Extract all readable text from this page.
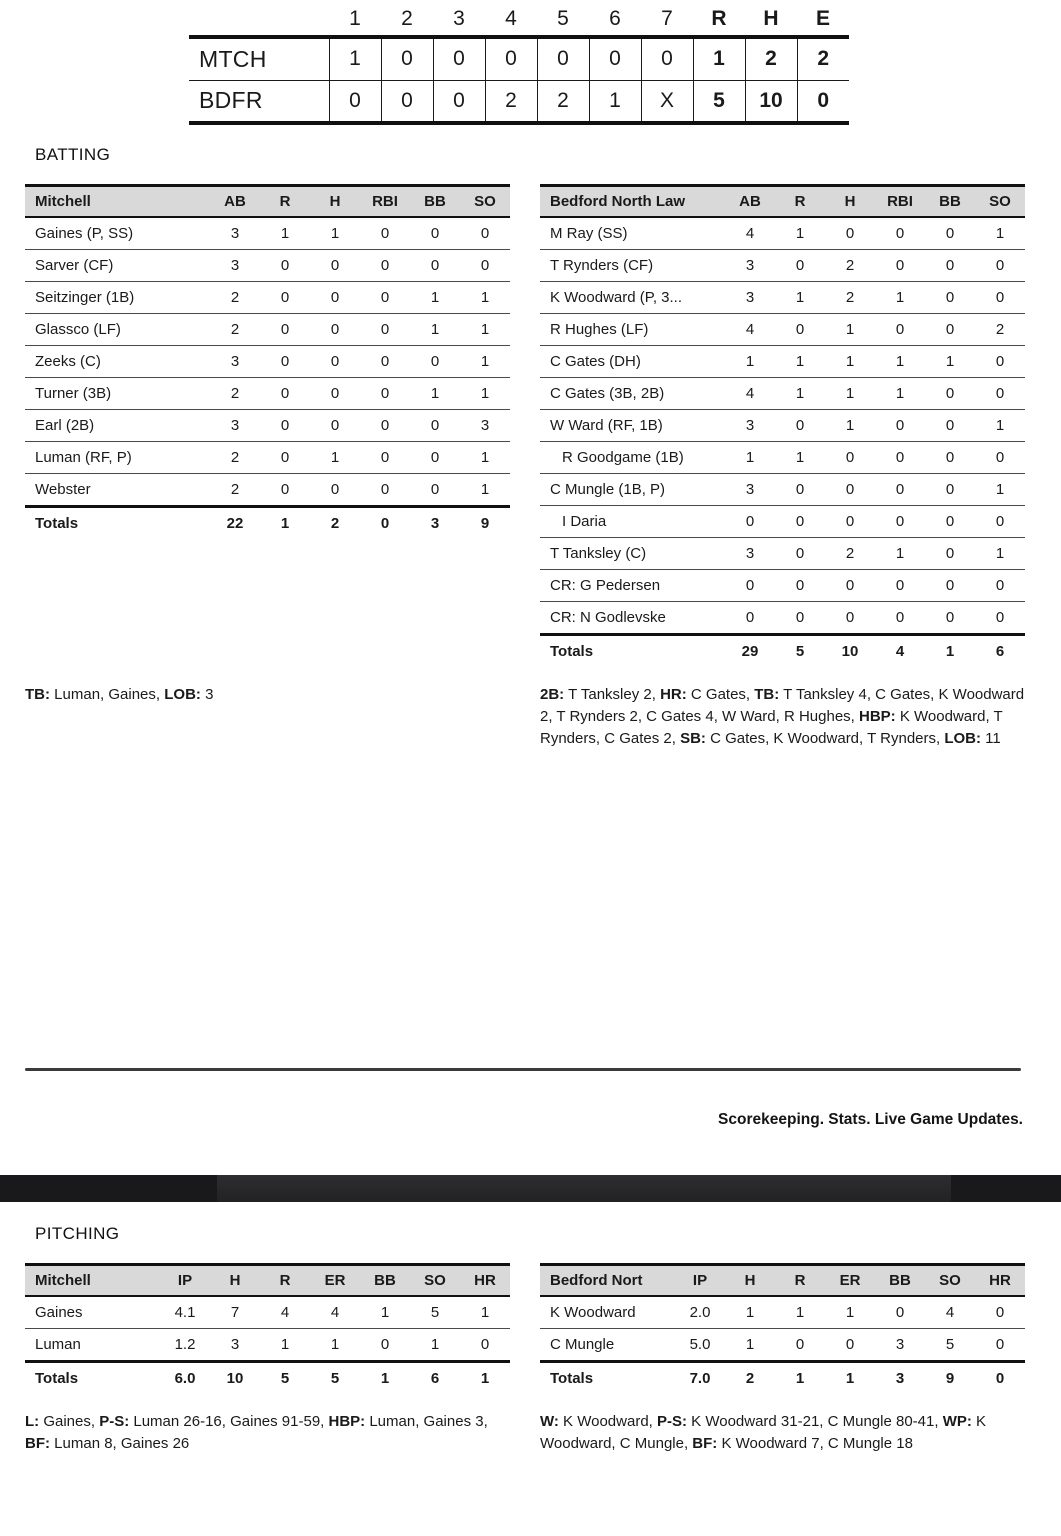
	1	2	3	4	5	6	7	R	H	E
MTCH	1	0	0	0	0	0	0	1	2	2
BDFR	0	0	0	2	2	1	X	5	10	0
BATTING
Mitchell	AB	R	H	RBI	BB	SO
Gaines (P, SS)	3	1	1	0	0	0
Sarver (CF)	3	0	0	0	0	0
Seitzinger (1B)	2	0	0	0	1	1
Glassco (LF)	2	0	0	0	1	1
Zeeks (C)	3	0	0	0	0	1
Turner (3B)	2	0	0	0	1	1
Earl (2B)	3	0	0	0	0	3
Luman (RF, P)	2	0	1	0	0	1
Webster	2	0	0	0	0	1
Totals	22	1	2	0	3	9
Bedford North Law	AB	R	H	RBI	BB	SO
M Ray (SS)	4	1	0	0	0	1
T Rynders (CF)	3	0	2	0	0	0
K Woodward (P, 3...	3	1	2	1	0	0
R Hughes (LF)	4	0	1	0	0	2
C Gates (DH)	1	1	1	1	1	0
C Gates (3B, 2B)	4	1	1	1	0	0
W Ward (RF, 1B)	3	0	1	0	0	1
R Goodgame (1B)	1	1	0	0	0	0
C Mungle (1B, P)	3	0	0	0	0	1
I Daria	0	0	0	0	0	0
T Tanksley (C)	3	0	2	1	0	1
CR: G Pedersen	0	0	0	0	0	0
CR: N Godlevske	0	0	0	0	0	0
Totals	29	5	10	4	1	6
TB: Luman, Gaines, LOB: 3	2B: T Tanksley 2, HR: C Gates, TB: T Tanksley 4, C Gates, K Woodward 2, T Rynders 2, C Gates 4, W Ward, R Hughes, HBP: K Woodward, T Rynders, C Gates 2, SB: C Gates, K Woodward, T Rynders, LOB: 11
Scorekeeping. Stats. Live Game Updates.
PITCHING
Mitchell	IP	H	R	ER	BB	SO	HR
Gaines	4.1	7	4	4	1	5	1
Luman	1.2	3	1	1	0	1	0
Totals	6.0	10	5	5	1	6	1
Bedford Nort	IP	H	R	ER	BB	SO	HR
K Woodward	2.0	1	1	1	0	4	0
C Mungle	5.0	1	0	0	3	5	0
Totals	7.0	2	1	1	3	9	0
L: Gaines, P-S: Luman 26-16, Gaines 91-59, HBP: Luman, Gaines 3, BF: Luman 8, Gaines 26
W: K Woodward, P-S: K Woodward 31-21, C Mungle 80-41, WP: K Woodward, C Mungle, BF: K Woodward 7, C Mungle 18
